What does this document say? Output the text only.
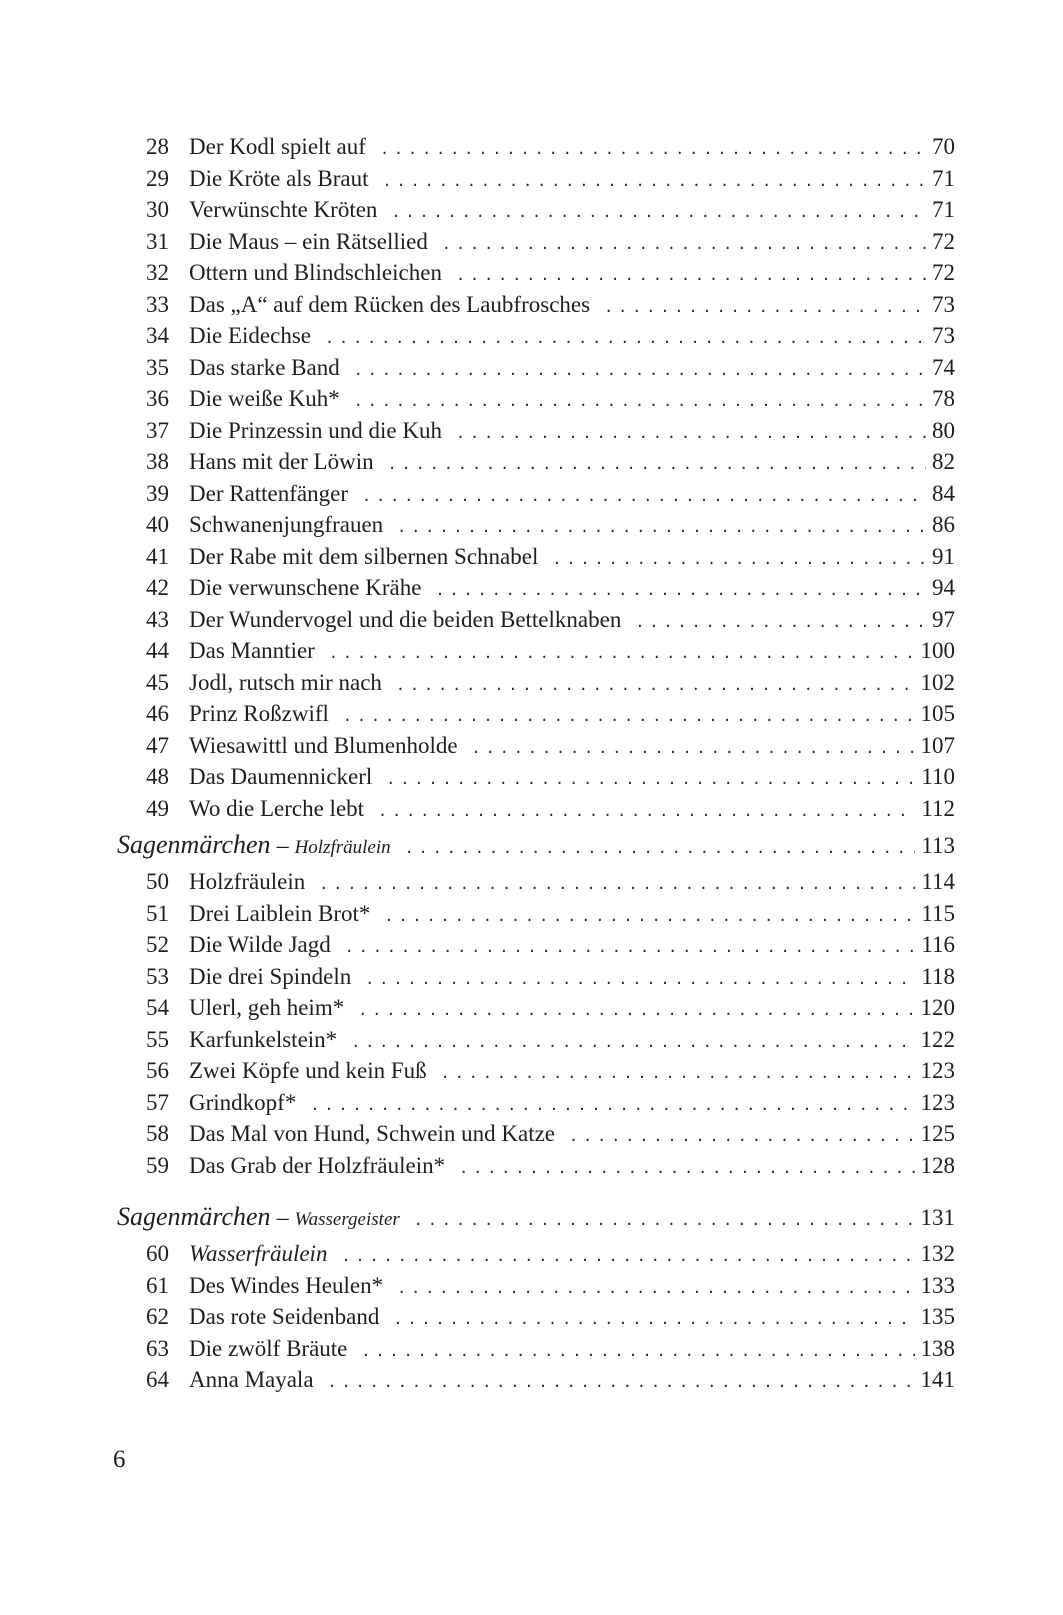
28 Der Kodl spielt auf . . .	70
29 Die Kröte als Braut . . .	71
30 Verwünschte Kröten . . .	71
31 Die Maus – ein Rätsellied . . .	72
32 Ottern und Blindschleichen . . .	72
33 Das „A“ auf dem Rücken des Laubfrosches . . .	73
34 Die Eidechse . . .	73
35 Das starke Band . . .	74
36 Die weiße Kuh* . . .	78
37 Die Prinzessin und die Kuh . . .	80
38 Hans mit der Löwin . . .	82
39 Der Rattenfänger . . .	84
40 Schwanenjungfrauen . . .	86
41 Der Rabe mit dem silbernen Schnabel . . .	91
42 Die verwunschene Krähe . . .	94
43 Der Wundervogel und die beiden Bettelknaben . . .	97
44 Das Manntier . . .	100
45 Jodl, rutsch mir nach . . .	102
46 Prinz Roßzwifl . . .	105
47 Wiesawittl und Blumenholde . . .	107
48 Das Daumennickerl . . .	110
49 Wo die Lerche lebt . . .	112
Sagenmärchen – Holzfräulein . . .	113
50 Holzfräulein . . .	114
51 Drei Laiblein Brot* . . .	115
52 Die Wilde Jagd . . .	116
53 Die drei Spindeln . . .	118
54 Ulerl, geh heim* . . .	120
55 Karfunkelstein* . . .	122
56 Zwei Köpfe und kein Fuß . . .	123
57 Grindkopf* . . .	123
58 Das Mal von Hund, Schwein und Katze . . .	125
59 Das Grab der Holzfräulein* . . .	128
Sagenmärchen – Wassergeister . . .	131
60 Wasserfräulein . . .	132
61 Des Windes Heulen* . . .	133
62 Das rote Seidenband . . .	135
63 Die zwölf Bräute . . .	138
64 Anna Mayala . . .	141
6
